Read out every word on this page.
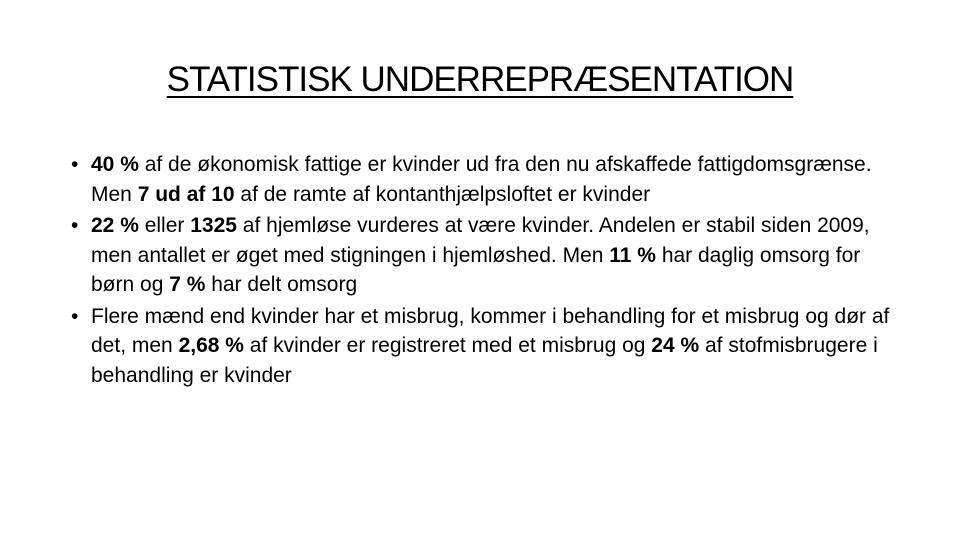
STATISTISK UNDERREPRÆSENTATION
• 40 % af de økonomisk fattige er kvinder ud fra den nu afskaffede fattigdomsgrænse. Men 7 ud af 10 af de ramte af kontanthjælpsloftet er kvinder
• 22 % eller 1325 af hjemløse vurderes at være kvinder. Andelen er stabil siden 2009, men antallet er øget med stigningen i hjemløshed. Men 11 % har daglig omsorg for børn og 7 % har delt omsorg
• Flere mænd end kvinder har et misbrug, kommer i behandling for et misbrug og dør af det, men 2,68 % af kvinder er registreret med et misbrug og 24 % af stofmisbrugere i behandling er kvinder
